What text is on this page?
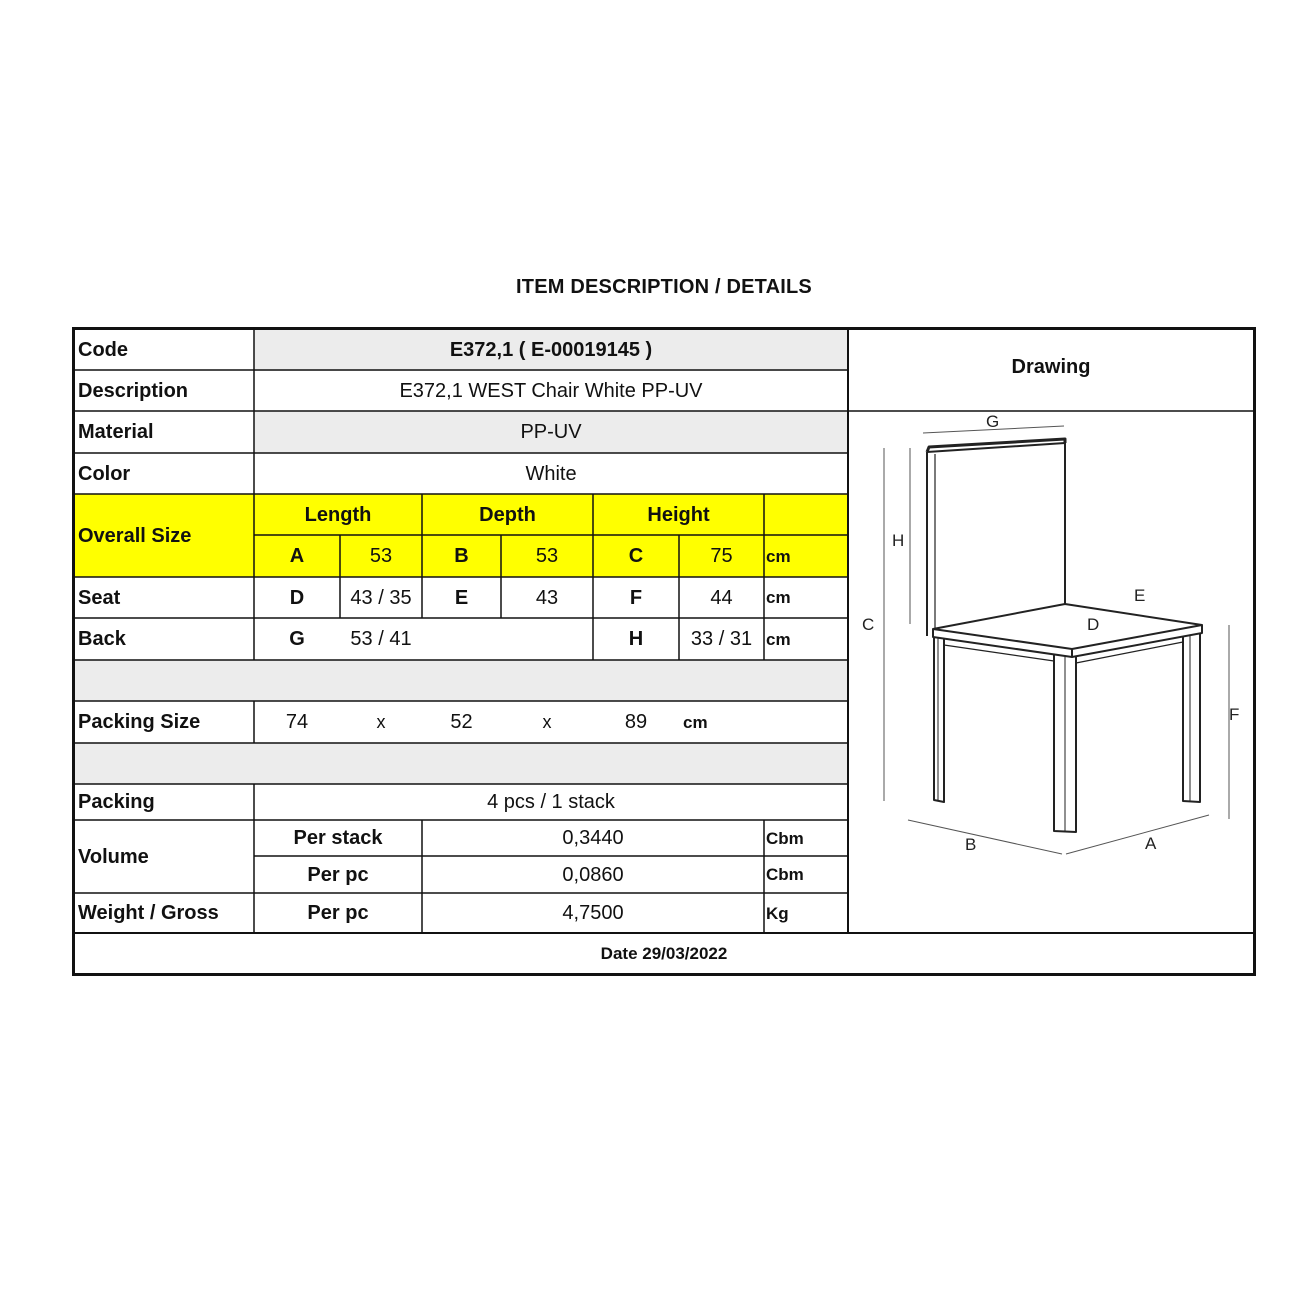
ITEM DESCRIPTION / DETAILS
Code	E372,1 ( E-00019145 )
Description	E372,1 WEST Chair White PP-UV
Material	PP-UV
Color	White
Overall Size
Length	Depth	Height
A	53	B	53	C	75	cm
Seat	D	43 / 35	E	43	F	44	cm
Back	G	53 / 41	H	33 / 31 cm
Packing Size	74	x	52	x	89	cm
Packing	4 pcs / 1 stack
Volume
Per stack	0,3440	Cbm
Per pc	0,0860	Cbm
Weight / Gross	Per pc	4,7500	Kg
Date 29/03/2022
Drawing
G
H
C
E
D
F
B	A
